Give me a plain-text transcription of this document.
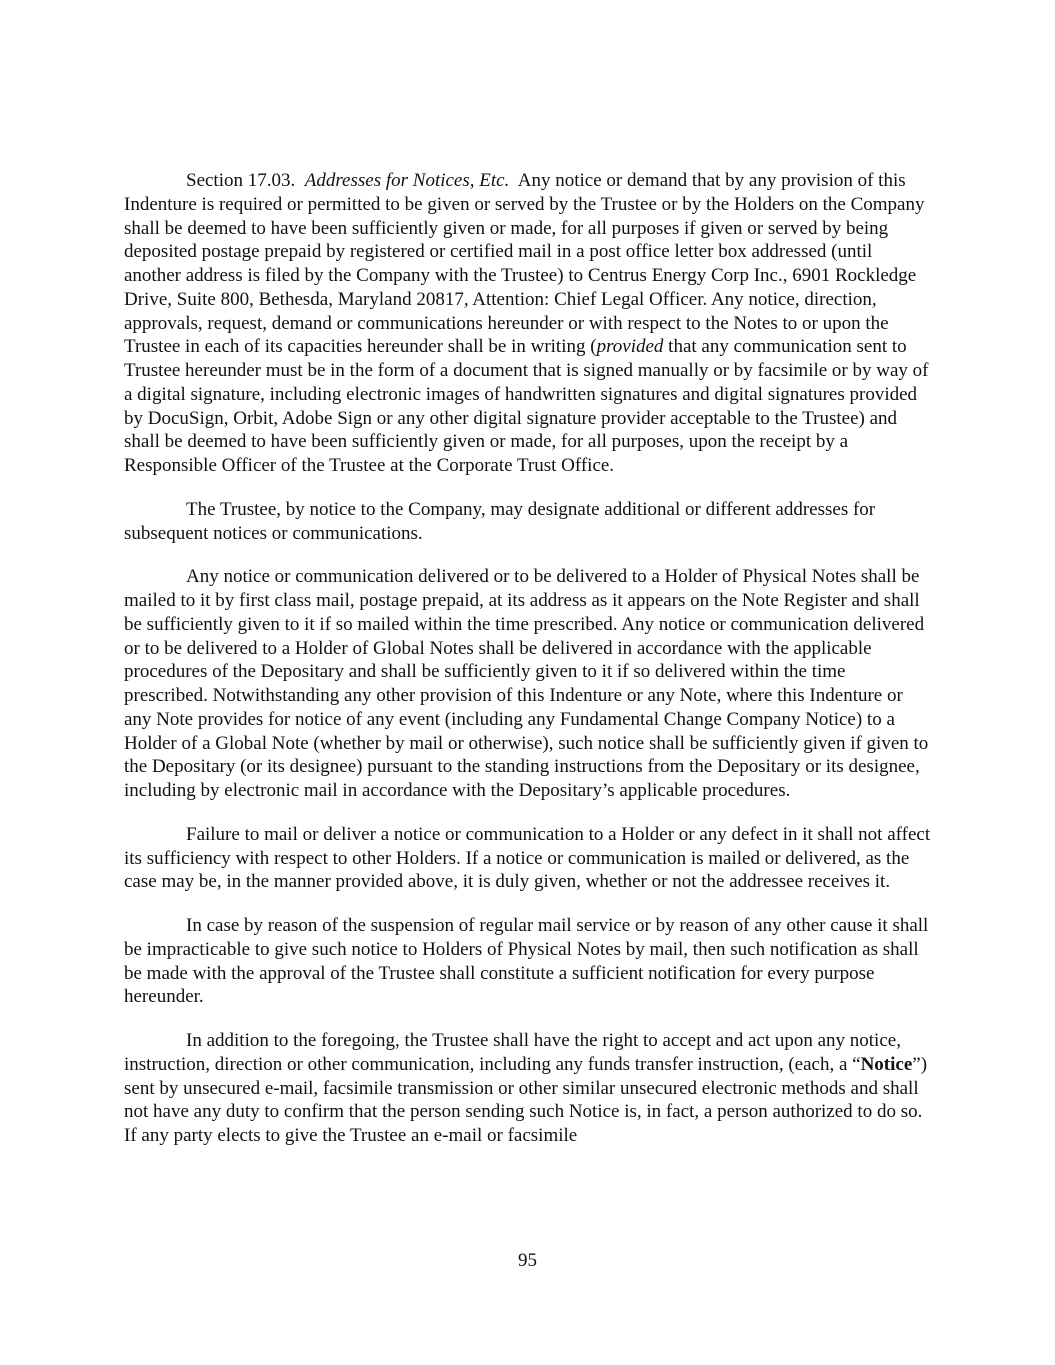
Section 17.03. Addresses for Notices, Etc. Any notice or demand that by any provision of this Indenture is required or permitted to be given or served by the Trustee or by the Holders on the Company shall be deemed to have been sufficiently given or made, for all purposes if given or served by being deposited postage prepaid by registered or certified mail in a post office letter box addressed (until another address is filed by the Company with the Trustee) to Centrus Energy Corp Inc., 6901 Rockledge Drive, Suite 800, Bethesda, Maryland 20817, Attention: Chief Legal Officer. Any notice, direction, approvals, request, demand or communications hereunder or with respect to the Notes to or upon the Trustee in each of its capacities hereunder shall be in writing (provided that any communication sent to Trustee hereunder must be in the form of a document that is signed manually or by facsimile or by way of a digital signature, including electronic images of handwritten signatures and digital signatures provided by DocuSign, Orbit, Adobe Sign or any other digital signature provider acceptable to the Trustee) and shall be deemed to have been sufficiently given or made, for all purposes, upon the receipt by a Responsible Officer of the Trustee at the Corporate Trust Office.

The Trustee, by notice to the Company, may designate additional or different addresses for subsequent notices or communications.

Any notice or communication delivered or to be delivered to a Holder of Physical Notes shall be mailed to it by first class mail, postage prepaid, at its address as it appears on the Note Register and shall be sufficiently given to it if so mailed within the time prescribed. Any notice or communication delivered or to be delivered to a Holder of Global Notes shall be delivered in accordance with the applicable procedures of the Depositary and shall be sufficiently given to it if so delivered within the time prescribed. Notwithstanding any other provision of this Indenture or any Note, where this Indenture or any Note provides for notice of any event (including any Fundamental Change Company Notice) to a Holder of a Global Note (whether by mail or otherwise), such notice shall be sufficiently given if given to the Depositary (or its designee) pursuant to the standing instructions from the Depositary or its designee, including by electronic mail in accordance with the Depositary’s applicable procedures.

Failure to mail or deliver a notice or communication to a Holder or any defect in it shall not affect its sufficiency with respect to other Holders. If a notice or communication is mailed or delivered, as the case may be, in the manner provided above, it is duly given, whether or not the addressee receives it.

In case by reason of the suspension of regular mail service or by reason of any other cause it shall be impracticable to give such notice to Holders of Physical Notes by mail, then such notification as shall be made with the approval of the Trustee shall constitute a sufficient notification for every purpose hereunder.

In addition to the foregoing, the Trustee shall have the right to accept and act upon any notice, instruction, direction or other communication, including any funds transfer instruction, (each, a “Notice”) sent by unsecured e-mail, facsimile transmission or other similar unsecured electronic methods and shall not have any duty to confirm that the person sending such Notice is, in fact, a person authorized to do so. If any party elects to give the Trustee an e-mail or facsimile

95
